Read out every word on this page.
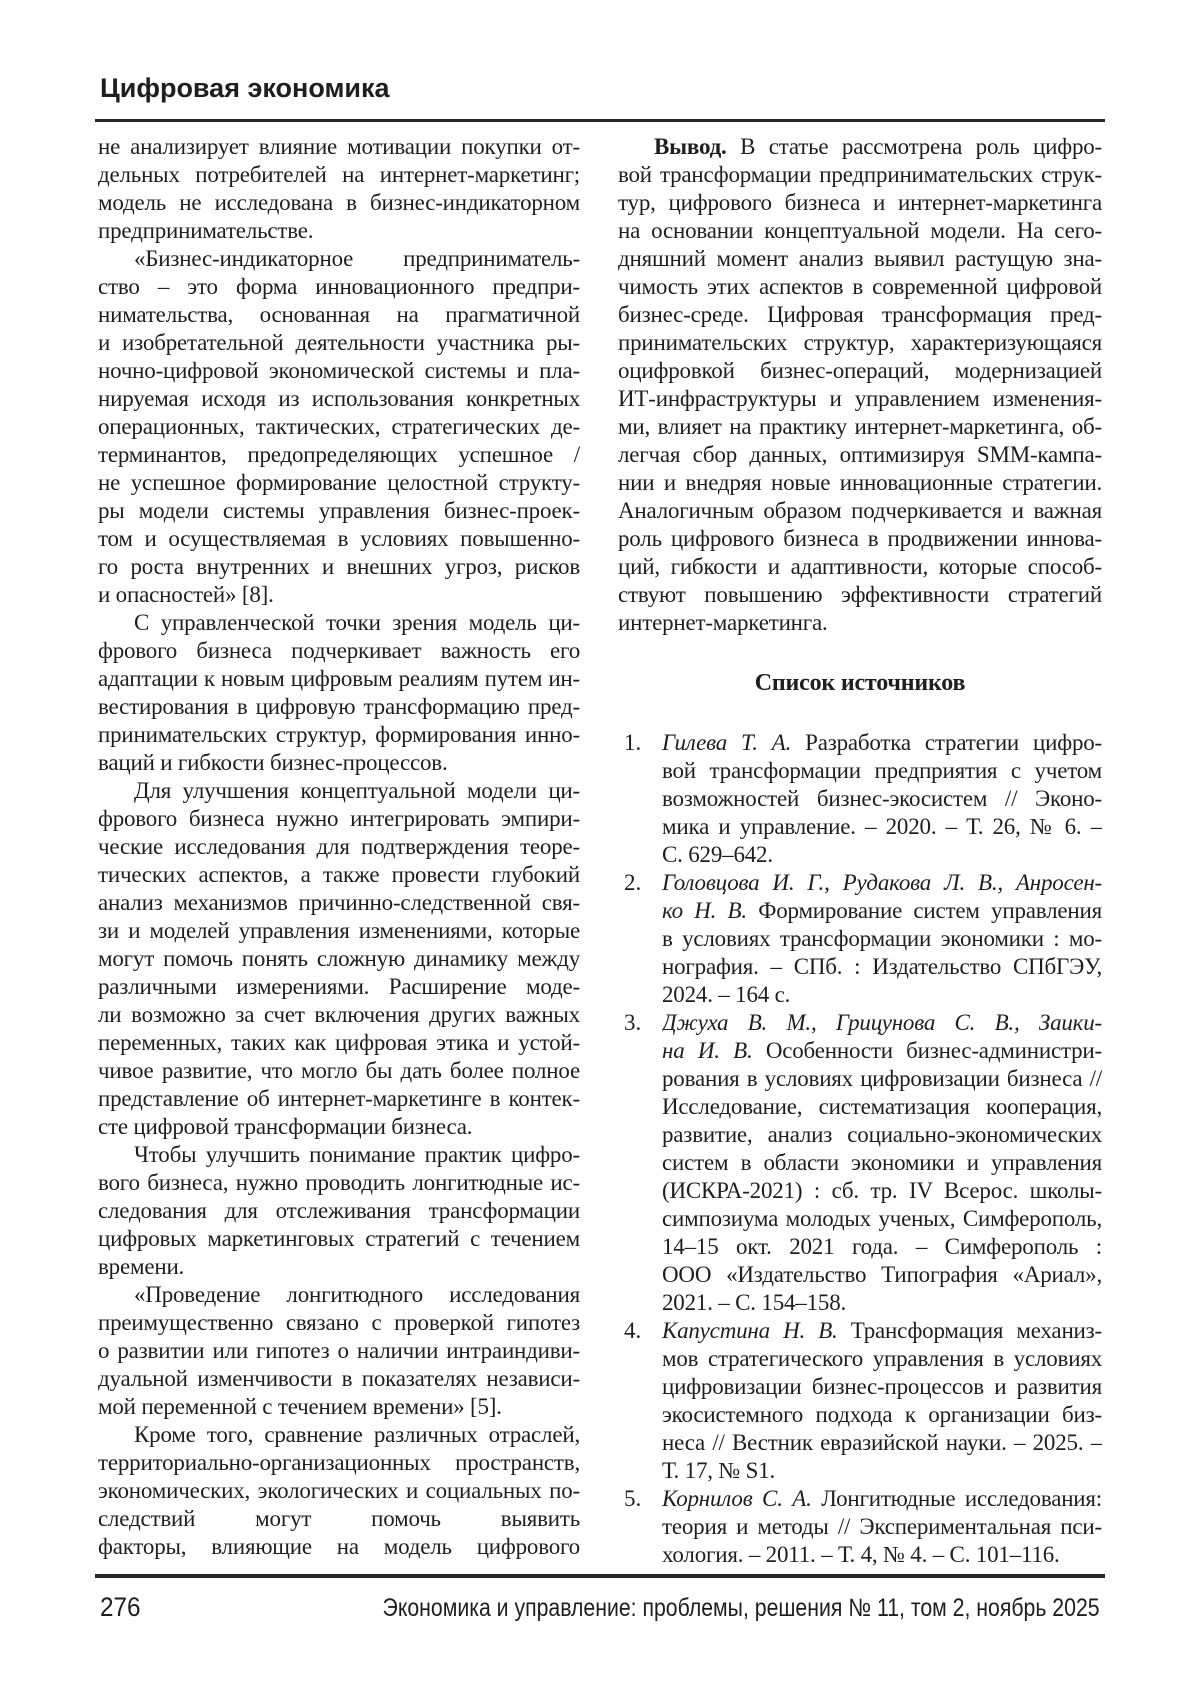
Цифровая экономика
не анализирует влияние мотивации покупки от-
дельных потребителей на интернет-маркетинг;
модель не исследована в бизнес-индикаторном
предпринимательстве.
«Бизнес-индикаторное предприниматель-
ство – это форма инновационного предпри-
нимательства, основанная на прагматичной
и изобретательной деятельности участника ры-
ночно-цифровой экономической системы и пла-
нируемая исходя из использования конкретных
операционных, тактических, стратегических де-
терминантов, предопределяющих успешное /
не успешное формирование целостной структу-
ры модели системы управления бизнес-проек-
том и осуществляемая в условиях повышенно-
го роста внутренних и внешних угроз, рисков
и опасностей» [8].
С управленческой точки зрения модель ци-
фрового бизнеса подчеркивает важность его
адаптации к новым цифровым реалиям путем ин-
вестирования в цифровую трансформацию пред-
принимательских структур, формирования инно-
ваций и гибкости бизнес-процессов.
Для улучшения концептуальной модели ци-
фрового бизнеса нужно интегрировать эмпири-
ческие исследования для подтверждения теоре-
тических аспектов, а также провести глубокий
анализ механизмов причинно-следственной свя-
зи и моделей управления изменениями, которые
могут помочь понять сложную динамику между
различными измерениями. Расширение моде-
ли возможно за счет включения других важных
переменных, таких как цифровая этика и устой-
чивое развитие, что могло бы дать более полное
представление об интернет-маркетинге в контек-
сте цифровой трансформации бизнеса.
Чтобы улучшить понимание практик цифро-
вого бизнеса, нужно проводить лонгитюдные ис-
следования для отслеживания трансформации
цифровых маркетинговых стратегий с течением
времени.
«Проведение лонгитюдного исследования
преимущественно связано с проверкой гипотез
о развитии или гипотез о наличии интраиндиви-
дуальной изменчивости в показателях независи-
мой переменной с течением времени» [5].
Кроме того, сравнение различных отраслей,
территориально-организационных пространств,
экономических, экологических и социальных по-
следствий могут помочь выявить
факторы, влияющие на модель цифрового
Вывод. В статье рассмотрена роль цифро-
вой трансформации предпринимательских струк-
тур, цифрового бизнеса и интернет-маркетинга
на основании концептуальной модели. На сего-
дняшний момент анализ выявил растущую зна-
чимость этих аспектов в современной цифровой
бизнес-среде. Цифровая трансформация пред-
принимательских структур, характеризующаяся
оцифровкой бизнес-операций, модернизацией
ИТ-инфраструктуры и управлением изменения-
ми, влияет на практику интернет-маркетинга, об-
легчая сбор данных, оптимизируя SMM-кампа-
нии и внедряя новые инновационные стратегии.
Аналогичным образом подчеркивается и важная
роль цифрового бизнеса в продвижении иннова-
ций, гибкости и адаптивности, которые способ-
ствуют повышению эффективности стратегий
интернет-маркетинга.
Список источников
1. Гилева Т. А. Разработка стратегии цифро-
вой трансформации предприятия с учетом
возможностей бизнес-экосистем // Эконо-
мика и управление. – 2020. – Т. 26, № 6. –
С. 629–642.
2. Головцова И. Г., Рудакова Л. В., Анросен-
ко Н. В. Формирование систем управления
в условиях трансформации экономики : мо-
нография. – СПб. : Издательство СПбГЭУ,
2024. – 164 с.
3. Джуха В. М., Грицунова С. В., Заики-
на И. В. Особенности бизнес-администри-
рования в условиях цифровизации бизнеса //
Исследование, систематизация кооперация,
развитие, анализ социально-экономических
систем в области экономики и управления
(ИСКРА-2021) : сб. тр. IV Всерос. школы-
симпозиума молодых ученых, Симферополь,
14–15 окт. 2021 года. – Симферополь :
ООО «Издательство Типография «Ариал»,
2021. – С. 154–158.
4. Капустина Н. В. Трансформация механиз-
мов стратегического управления в условиях
цифровизации бизнес-процессов и развития
экосистемного подхода к организации биз-
неса // Вестник евразийской науки. – 2025. –
Т. 17, № S1.
5. Корнилов С. А. Лонгитюдные исследования:
теория и методы // Экспериментальная пси-
хология. – 2011. – Т. 4, № 4. – С. 101–116.
276	Экономика и управление: проблемы, решения № 11, том 2, ноябрь 2025
